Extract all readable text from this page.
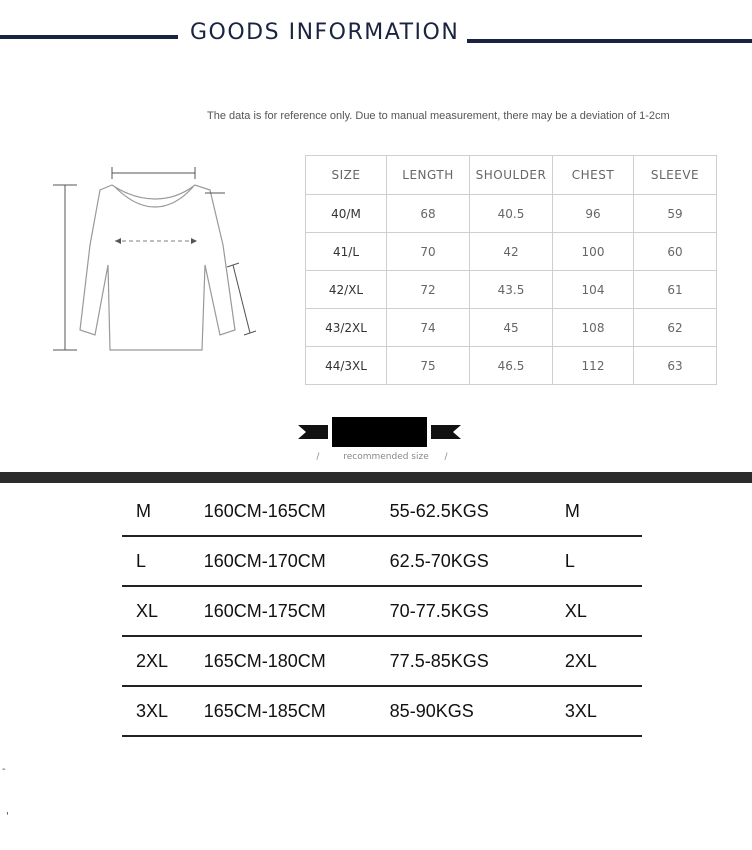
GOODS INFORMATION
The data is for reference only. Due to manual measurement, there may be a deviation of 1-2cm
SIZE	LENGTH	SHOULDER	CHEST	SLEEVE
40/M	68	40.5	96	59
41/L	70	42	100	60
42/XL	72	43.5	104	61
43/2XL	74	45	108	62
44/3XL	75	46.5	112	63
/	recommended size /
M	160CM-165CM	55-62.5KGS	M
L	160CM-170CM	62.5-70KGS	L
XL	160CM-175CM	70-77.5KGS	XL
2XL	165CM-180CM	77.5-85KGS	2XL
3XL	165CM-185CM	85-90KGS	3XL
-
'
